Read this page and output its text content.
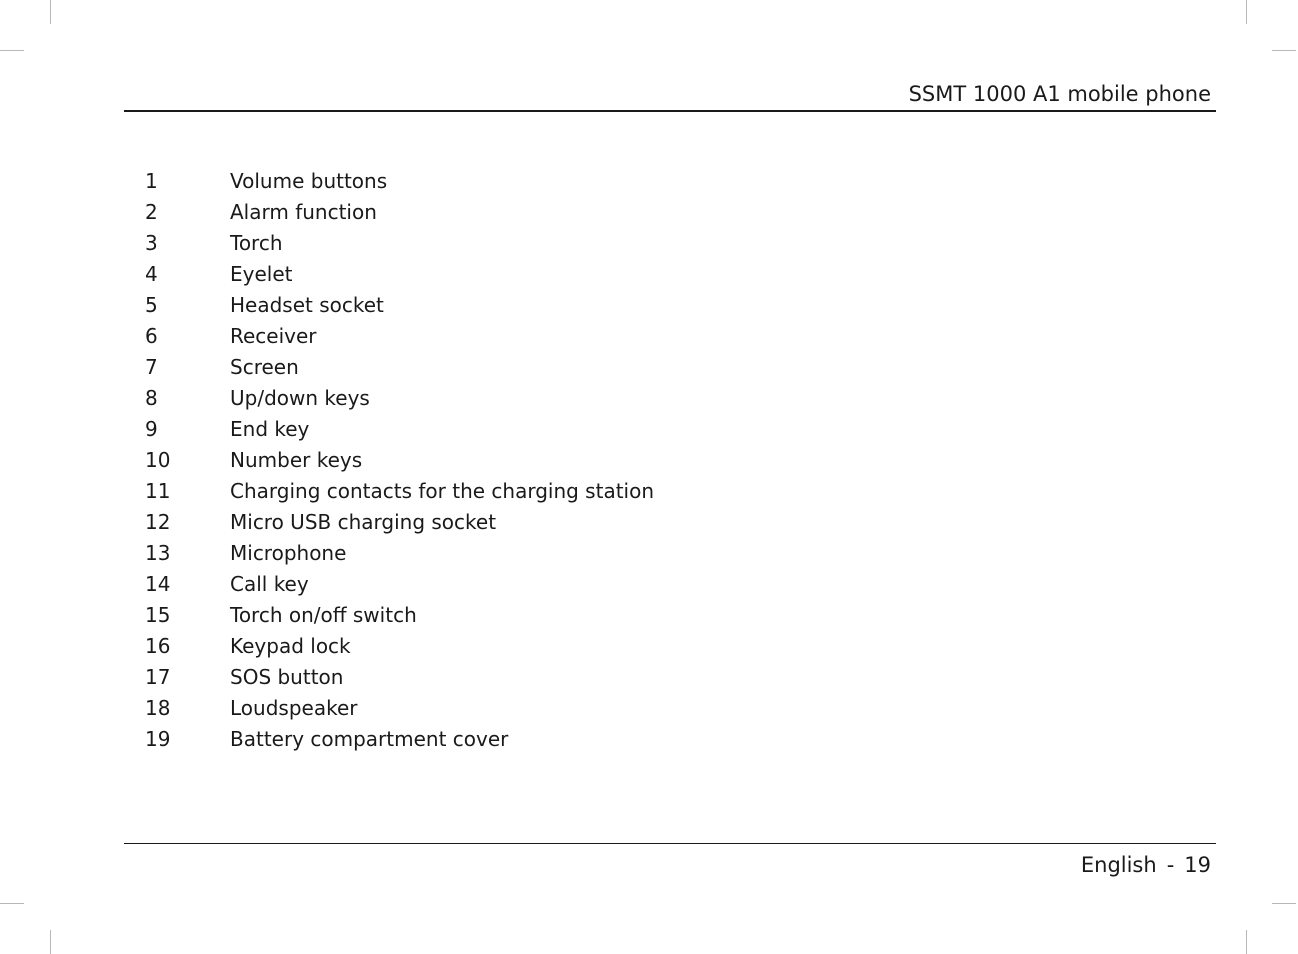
SSMT 1000 A1 mobile phone
1	Volume buttons
2	Alarm function
3	Torch
4	Eyelet
5	Headset socket
6	Receiver
7	Screen
8	Up/down keys
9	End key
10	Number keys
11	Charging contacts for the charging station
12	Micro USB charging socket
13	Microphone
14	Call key
15	Torch on/off switch
16	Keypad lock
17	SOS button
18	Loudspeaker
19	Battery compartment cover
English - 19
